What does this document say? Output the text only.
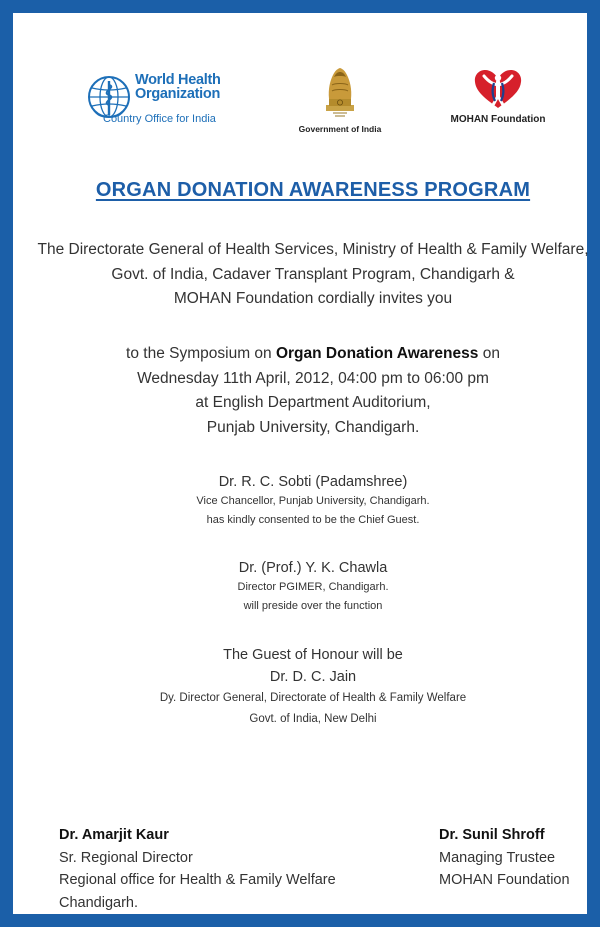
World Health
Organization
Country Office for India
Government of India
MOHAN Foundation
ORGAN DONATION AWARENESS PROGRAM
The Directorate General of Health Services, Ministry of Health & Family Welfare,
Govt. of India, Cadaver Transplant Program, Chandigarh &
MOHAN Foundation cordially invites you
to the Symposium on Organ Donation Awareness on
Wednesday 11th April, 2012, 04:00 pm to 06:00 pm
at English Department Auditorium,
Punjab University, Chandigarh.
Dr. R. C. Sobti (Padamshree)
Vice Chancellor, Punjab University, Chandigarh.
has kindly consented to be the Chief Guest.
Dr. (Prof.) Y. K. Chawla
Director PGIMER, Chandigarh.
will preside over the function
The Guest of Honour will be
Dr. D. C. Jain
Dy. Director General, Directorate of Health & Family Welfare
Govt. of India, New Delhi
Dr. Amarjit Kaur
Sr. Regional Director
Regional office for Health & Family Welfare
Chandigarh.
Dr. Sunil Shroff
Managing Trustee
MOHAN Foundation
